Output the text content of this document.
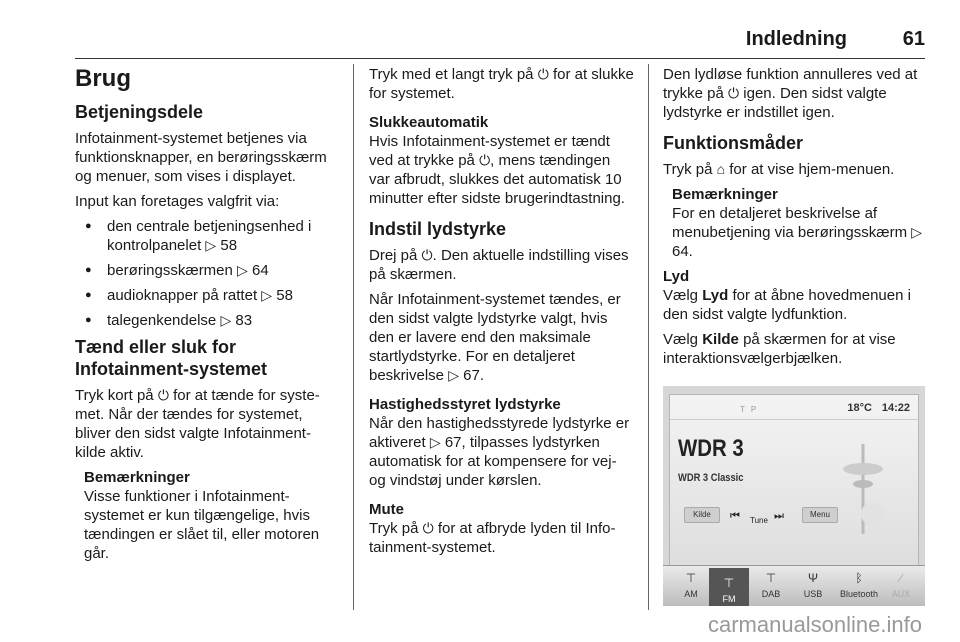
Indledning	61
Brug
Betjeningsdele

Infotainment-systemet betjenes via funktionsknapper, en berøringsskærm og menuer, som vises i displayet.

Input kan foretages valgfrit via:

● den centrale betjeningsenhed i kontrolpanelet ▷ 58
● berøringsskærmen ▷ 64
● audioknapper på rattet ▷ 58
● talegenkendelse ▷ 83
Tænd eller sluk for Infotainment-systemet

Tryk kort på ⏻ for at tænde for systemet. Når der tændes for systemet, bliver den sidst valgte Infotainment-kilde aktiv.

Bemærkninger
Visse funktioner i Infotainment-systemet er kun tilgængelige, hvis tændingen er slået til, eller motoren går.

Tryk med et langt tryk på ⏻ for at slukke for systemet.

Slukkeautomatik

Hvis Infotainment-systemet er tændt ved at trykke på ⏻, mens tændingen var afbrudt, slukkes det automatisk 10 minutter efter sidste brugerindtastning.

Indstil lydstyrke

Drej på ⏻. Den aktuelle indstilling vises på skærmen.

Når Infotainment-systemet tændes, er den sidst valgte lydstyrke valgt, hvis den er lavere end den maksimale startlydstyrke. For en detaljeret beskrivelse ▷ 67.

Hastighedsstyret lydstyrke

Når den hastighedsstyrede lydstyrke er aktiveret ▷ 67, tilpasses lydstyrken automatisk for at kompensere for vej- og vindstøj under kørslen.

Mute

Tryk på ⏻ for at afbryde lyden til Infotainment-systemet.

Den lydløse funktion annulleres ved at trykke på ⏻ igen. Den sidst valgte lydstyrke er indstillet igen.

Funktionsmåder

Tryk på ⌂ for at vise hjem-menuen.

Bemærkninger
For en detaljeret beskrivelse af menubetjening via berøringsskærm ▷ 64.
Lyd

Vælg Lyd for at åbne hovedmenuen i den sidst valgte lydfunktion.

Vælg Kilde på skærmen for at vise interaktionsvælgerbjælken.

TP	18°C 14:22
WDR 3
WDR 3 Classic
Kilde	⏮ Tune ⏭	Menu
⊤
AM
⊤
FM
⊤
DAB
Ψ
USB
ᛒ
Bluetooth
∕
AUX
carmanualsonline.info
